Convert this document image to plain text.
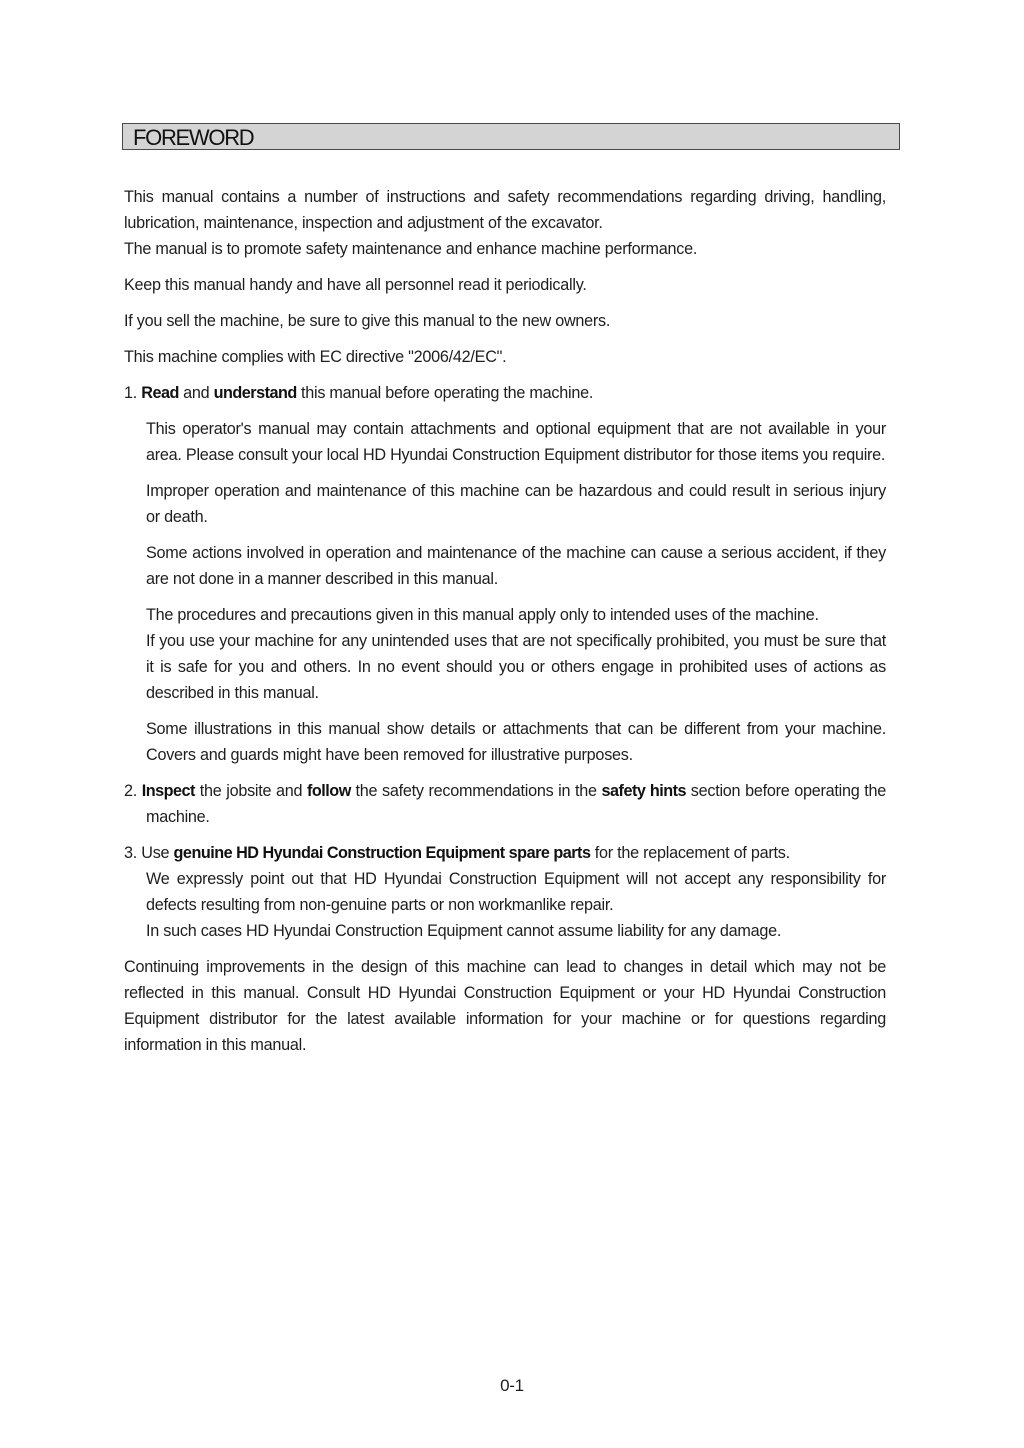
FOREWORD

This manual contains a number of instructions and safety recommendations regarding driving, handling, lubrication, maintenance, inspection and adjustment of the excavator.
The manual is to promote safety maintenance and enhance machine performance.

Keep this manual handy and have all personnel read it periodically.

If you sell the machine, be sure to give this manual to the new owners.

This machine complies with EC directive "2006/42/EC".

1. Read and understand this manual before operating the machine.

This operator's manual may contain attachments and optional equipment that are not available in your area. Please consult your local HD Hyundai Construction Equipment distributor for those items you require.

Improper operation and maintenance of this machine can be hazardous and could result in serious injury or death.

Some actions involved in operation and maintenance of the machine can cause a serious accident, if they are not done in a manner described in this manual.

The procedures and precautions given in this manual apply only to intended uses of the machine.
If you use your machine for any unintended uses that are not specifically prohibited, you must be sure that it is safe for you and others. In no event should you or others engage in prohibited uses of actions as described in this manual.

Some illustrations in this manual show details or attachments that can be different from your machine. Covers and guards might have been removed for illustrative purposes.

2. Inspect the jobsite and follow the safety recommendations in the safety hints section before operating the machine.

3. Use genuine HD Hyundai Construction Equipment spare parts for the replacement of parts.
We expressly point out that HD Hyundai Construction Equipment will not accept any responsibility for defects resulting from non-genuine parts or non workmanlike repair.
In such cases HD Hyundai Construction Equipment cannot assume liability for any damage.

Continuing improvements in the design of this machine can lead to changes in detail which may not be reflected in this manual. Consult HD Hyundai Construction Equipment or your HD Hyundai Construction Equipment distributor for the latest available information for your machine or for questions regarding information in this manual.

0-1
